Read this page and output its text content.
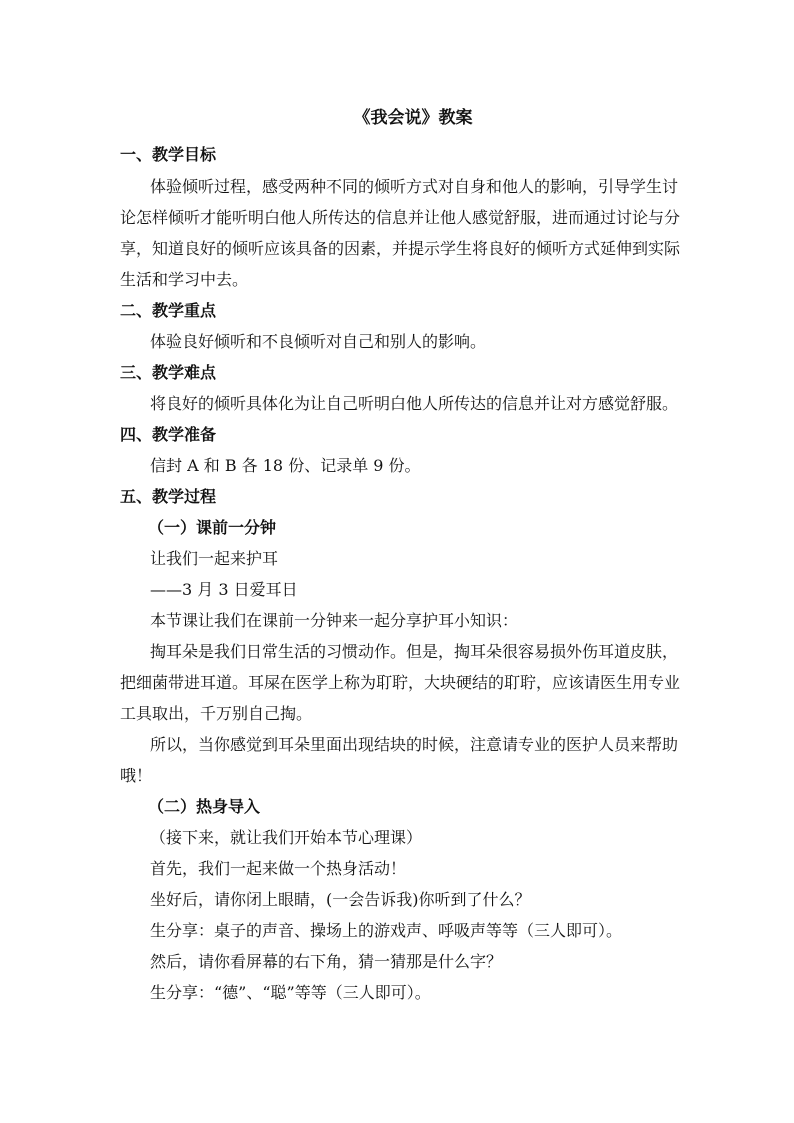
《我会说》教案
一、教学目标
体验倾听过程，感受两种不同的倾听方式对自身和他人的影响，引导学生讨
论怎样倾听才能听明白他人所传达的信息并让他人感觉舒服，进而通过讨论与分
享，知道良好的倾听应该具备的因素，并提示学生将良好的倾听方式延伸到实际
生活和学习中去。
二、教学重点
体验良好倾听和不良倾听对自己和别人的影响。
三、教学难点
将良好的倾听具体化为让自己听明白他人所传达的信息并让对方感觉舒服。
四、教学准备
信封 A 和 B 各 18 份、记录单 9 份。
五、教学过程
（一）课前一分钟
让我们一起来护耳
——3 月 3 日爱耳日
本节课让我们在课前一分钟来一起分享护耳小知识：
掏耳朵是我们日常生活的习惯动作。但是，掏耳朵很容易损外伤耳道皮肤，
把细菌带进耳道。耳屎在医学上称为耵聍，大块硬结的耵聍，应该请医生用专业
工具取出，千万别自己掏。
所以，当你感觉到耳朵里面出现结块的时候，注意请专业的医护人员来帮助
哦！
（二）热身导入
（接下来，就让我们开始本节心理课）
首先，我们一起来做一个热身活动！
坐好后，请你闭上眼睛，(一会告诉我)你听到了什么？
生分享：桌子的声音、操场上的游戏声、呼吸声等等（三人即可）。
然后，请你看屏幕的右下角，猜一猜那是什么字？
生分享：“德”、“聪”等等（三人即可）。
